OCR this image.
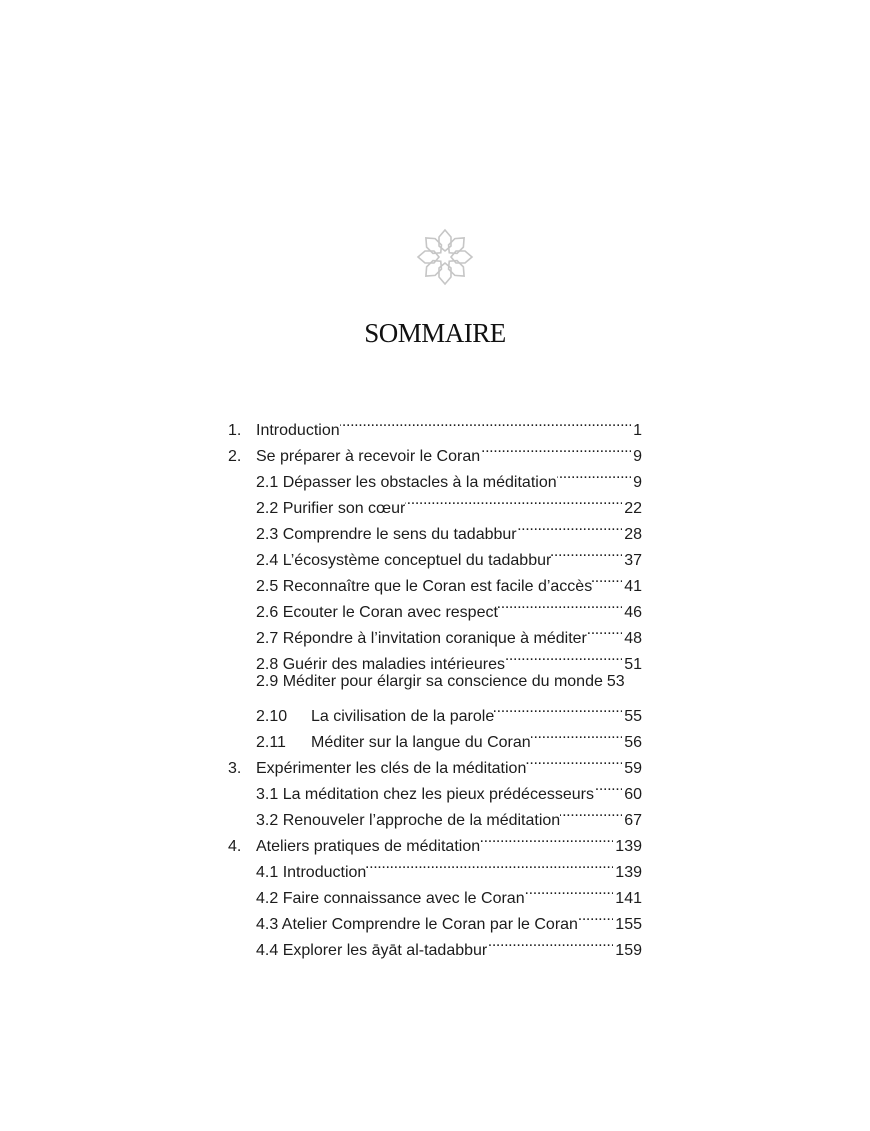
SOMMAIRE
1. Introduction . . .	1
2. Se préparer à recevoir le Coran . . .	9
2.1 Dépasser les obstacles à la méditation . . .	9
2.2 Purifier son cœur . . .	22
2.3 Comprendre le sens du tadabbur . . .	28
2.4 L’écosystème conceptuel du tadabbur . . .	37
2.5 Reconnaître que le Coran est facile d’accès . . . 41
2.6 Ecouter le Coran avec respect . . .	46
2.7 Répondre à l’invitation coranique à méditer . . . 48
2.8 Guérir des maladies intérieures . . .	51
2.9 Méditer pour élargir sa conscience du monde 53
2.10	La civilisation de la parole . . .	55
2.11	Méditer sur la langue du Coran . . .	56
3. Expérimenter les clés de la méditation . . .	59
3.1 La méditation chez les pieux prédécesseurs . . . 60
3.2 Renouveler l’approche de la méditation . . .	67
4. Ateliers pratiques de méditation . . .	139
4.1 Introduction . . .	139
4.2 Faire connaissance avec le Coran . . .	141
4.3 Atelier Comprendre le Coran par le Coran . . . 155
4.4 Explorer les āyāt al-tadabbur . . .	159
